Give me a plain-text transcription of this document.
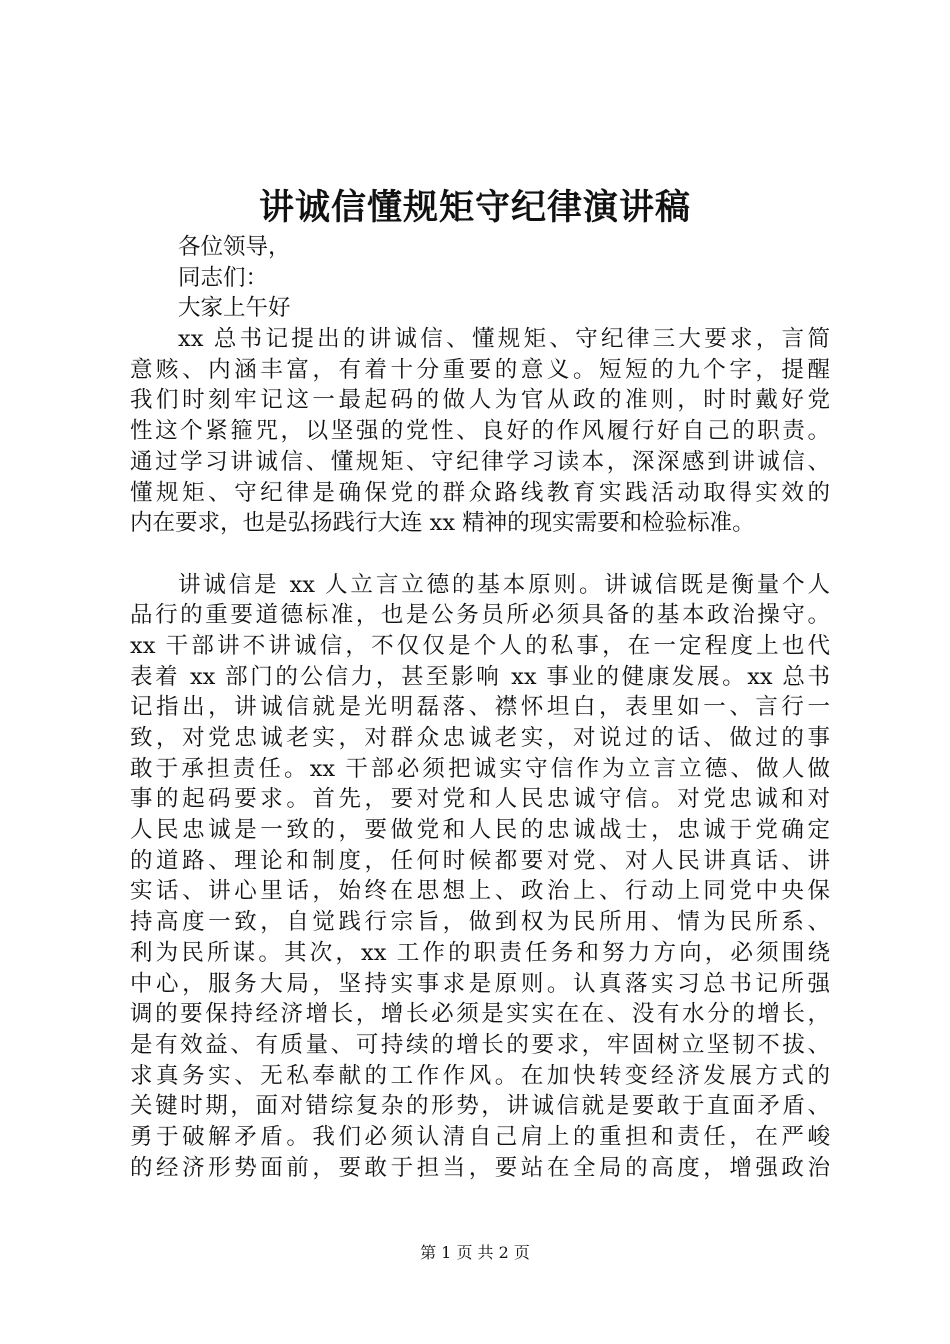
讲诚信懂规矩守纪律演讲稿
各位领导，
同志们：
大家上午好
xx 总书记提出的讲诚信、懂规矩、守纪律三大要求，言简
意赅、内涵丰富，有着十分重要的意义。短短的九个字，提醒
我们时刻牢记这一最起码的做人为官从政的准则，时时戴好党
性这个紧箍咒，以坚强的党性、良好的作风履行好自己的职责。
通过学习讲诚信、懂规矩、守纪律学习读本，深深感到讲诚信、
懂规矩、守纪律是确保党的群众路线教育实践活动取得实效的
内在要求，也是弘扬践行大连 xx 精神的现实需要和检验标准。
讲诚信是 xx 人立言立德的基本原则。讲诚信既是衡量个人
品行的重要道德标准，也是公务员所必须具备的基本政治操守。
xx 干部讲不讲诚信，不仅仅是个人的私事，在一定程度上也代
表着 xx 部门的公信力，甚至影响 xx 事业的健康发展。xx 总书
记指出，讲诚信就是光明磊落、襟怀坦白，表里如一、言行一
致，对党忠诚老实，对群众忠诚老实，对说过的话、做过的事
敢于承担责任。xx 干部必须把诚实守信作为立言立德、做人做
事的起码要求。首先，要对党和人民忠诚守信。对党忠诚和对
人民忠诚是一致的，要做党和人民的忠诚战士，忠诚于党确定
的道路、理论和制度，任何时候都要对党、对人民讲真话、讲
实话、讲心里话，始终在思想上、政治上、行动上同党中央保
持高度一致，自觉践行宗旨，做到权为民所用、情为民所系、
利为民所谋。其次，xx 工作的职责任务和努力方向，必须围绕
中心，服务大局，坚持实事求是原则。认真落实习总书记所强
调的要保持经济增长，增长必须是实实在在、没有水分的增长，
是有效益、有质量、可持续的增长的要求，牢固树立坚韧不拔、
求真务实、无私奉献的工作作风。在加快转变经济发展方式的
关键时期，面对错综复杂的形势，讲诚信就是要敢于直面矛盾、
勇于破解矛盾。我们必须认清自己肩上的重担和责任，在严峻
的经济形势面前，要敢于担当，要站在全局的高度，增强政治
第 1 页 共 2 页
